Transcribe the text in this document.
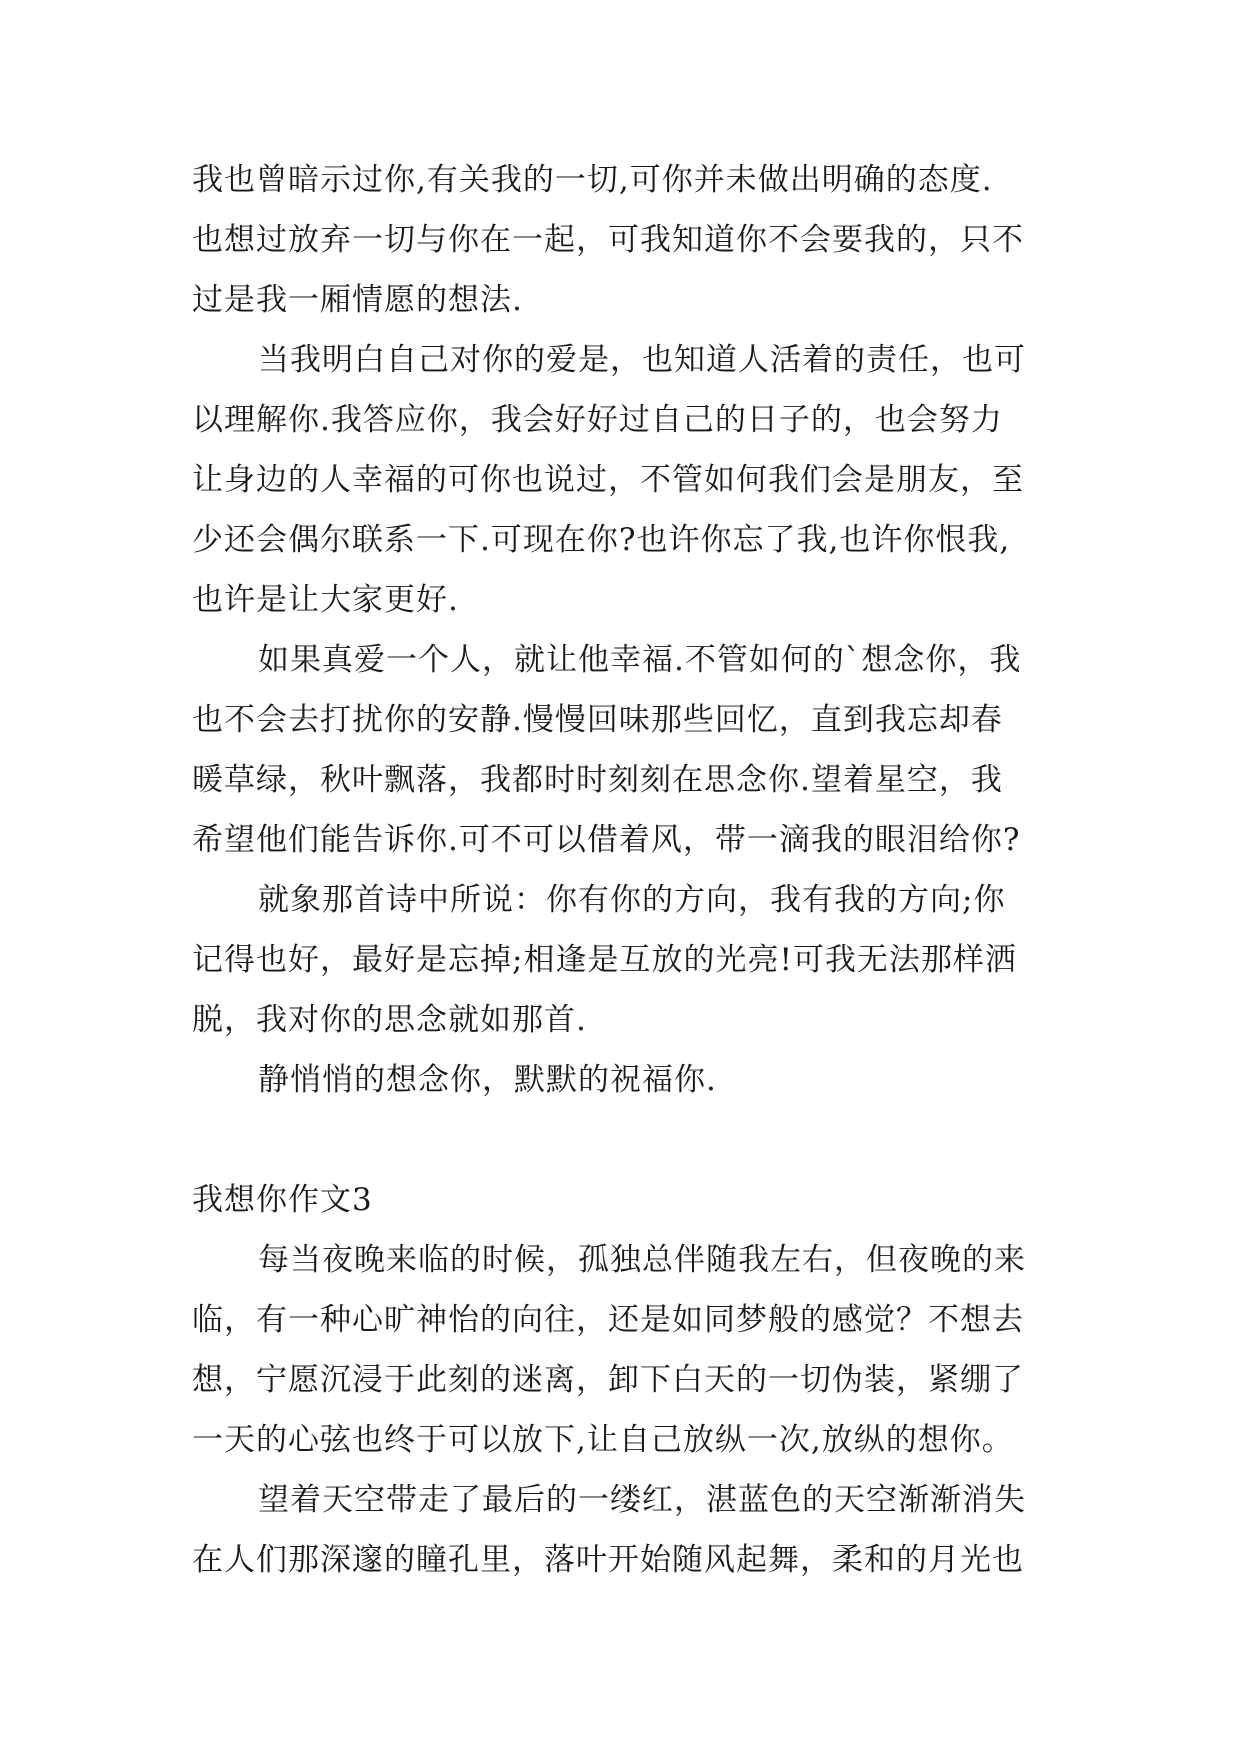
我也曾暗示过你,有关我的一切,可你并未做出明确的态度.
也想过放弃一切与你在一起，可我知道你不会要我的，只不
过是我一厢情愿的想法.
当我明白自己对你的爱是，也知道人活着的责任，也可
以理解你.我答应你，我会好好过自己的日子的，也会努力
让身边的人幸福的可你也说过，不管如何我们会是朋友，至
少还会偶尔联系一下.可现在你?也许你忘了我,也许你恨我,
也许是让大家更好.
如果真爱一个人，就让他幸福.不管如何的`想念你，我
也不会去打扰你的安静.慢慢回味那些回忆，直到我忘却春
暖草绿，秋叶飘落，我都时时刻刻在思念你.望着星空，我
希望他们能告诉你.可不可以借着风，带一滴我的眼泪给你?
就象那首诗中所说：你有你的方向，我有我的方向;你
记得也好，最好是忘掉;相逢是互放的光亮!可我无法那样洒
脱，我对你的思念就如那首.
静悄悄的想念你，默默的祝福你.
我想你作文3
每当夜晚来临的时候，孤独总伴随我左右，但夜晚的来
临，有一种心旷神怡的向往，还是如同梦般的感觉？不想去
想，宁愿沉浸于此刻的迷离，卸下白天的一切伪装，紧绷了
一天的心弦也终于可以放下,让自己放纵一次,放纵的想你。
望着天空带走了最后的一缕红，湛蓝色的天空渐渐消失
在人们那深邃的瞳孔里，落叶开始随风起舞，柔和的月光也
